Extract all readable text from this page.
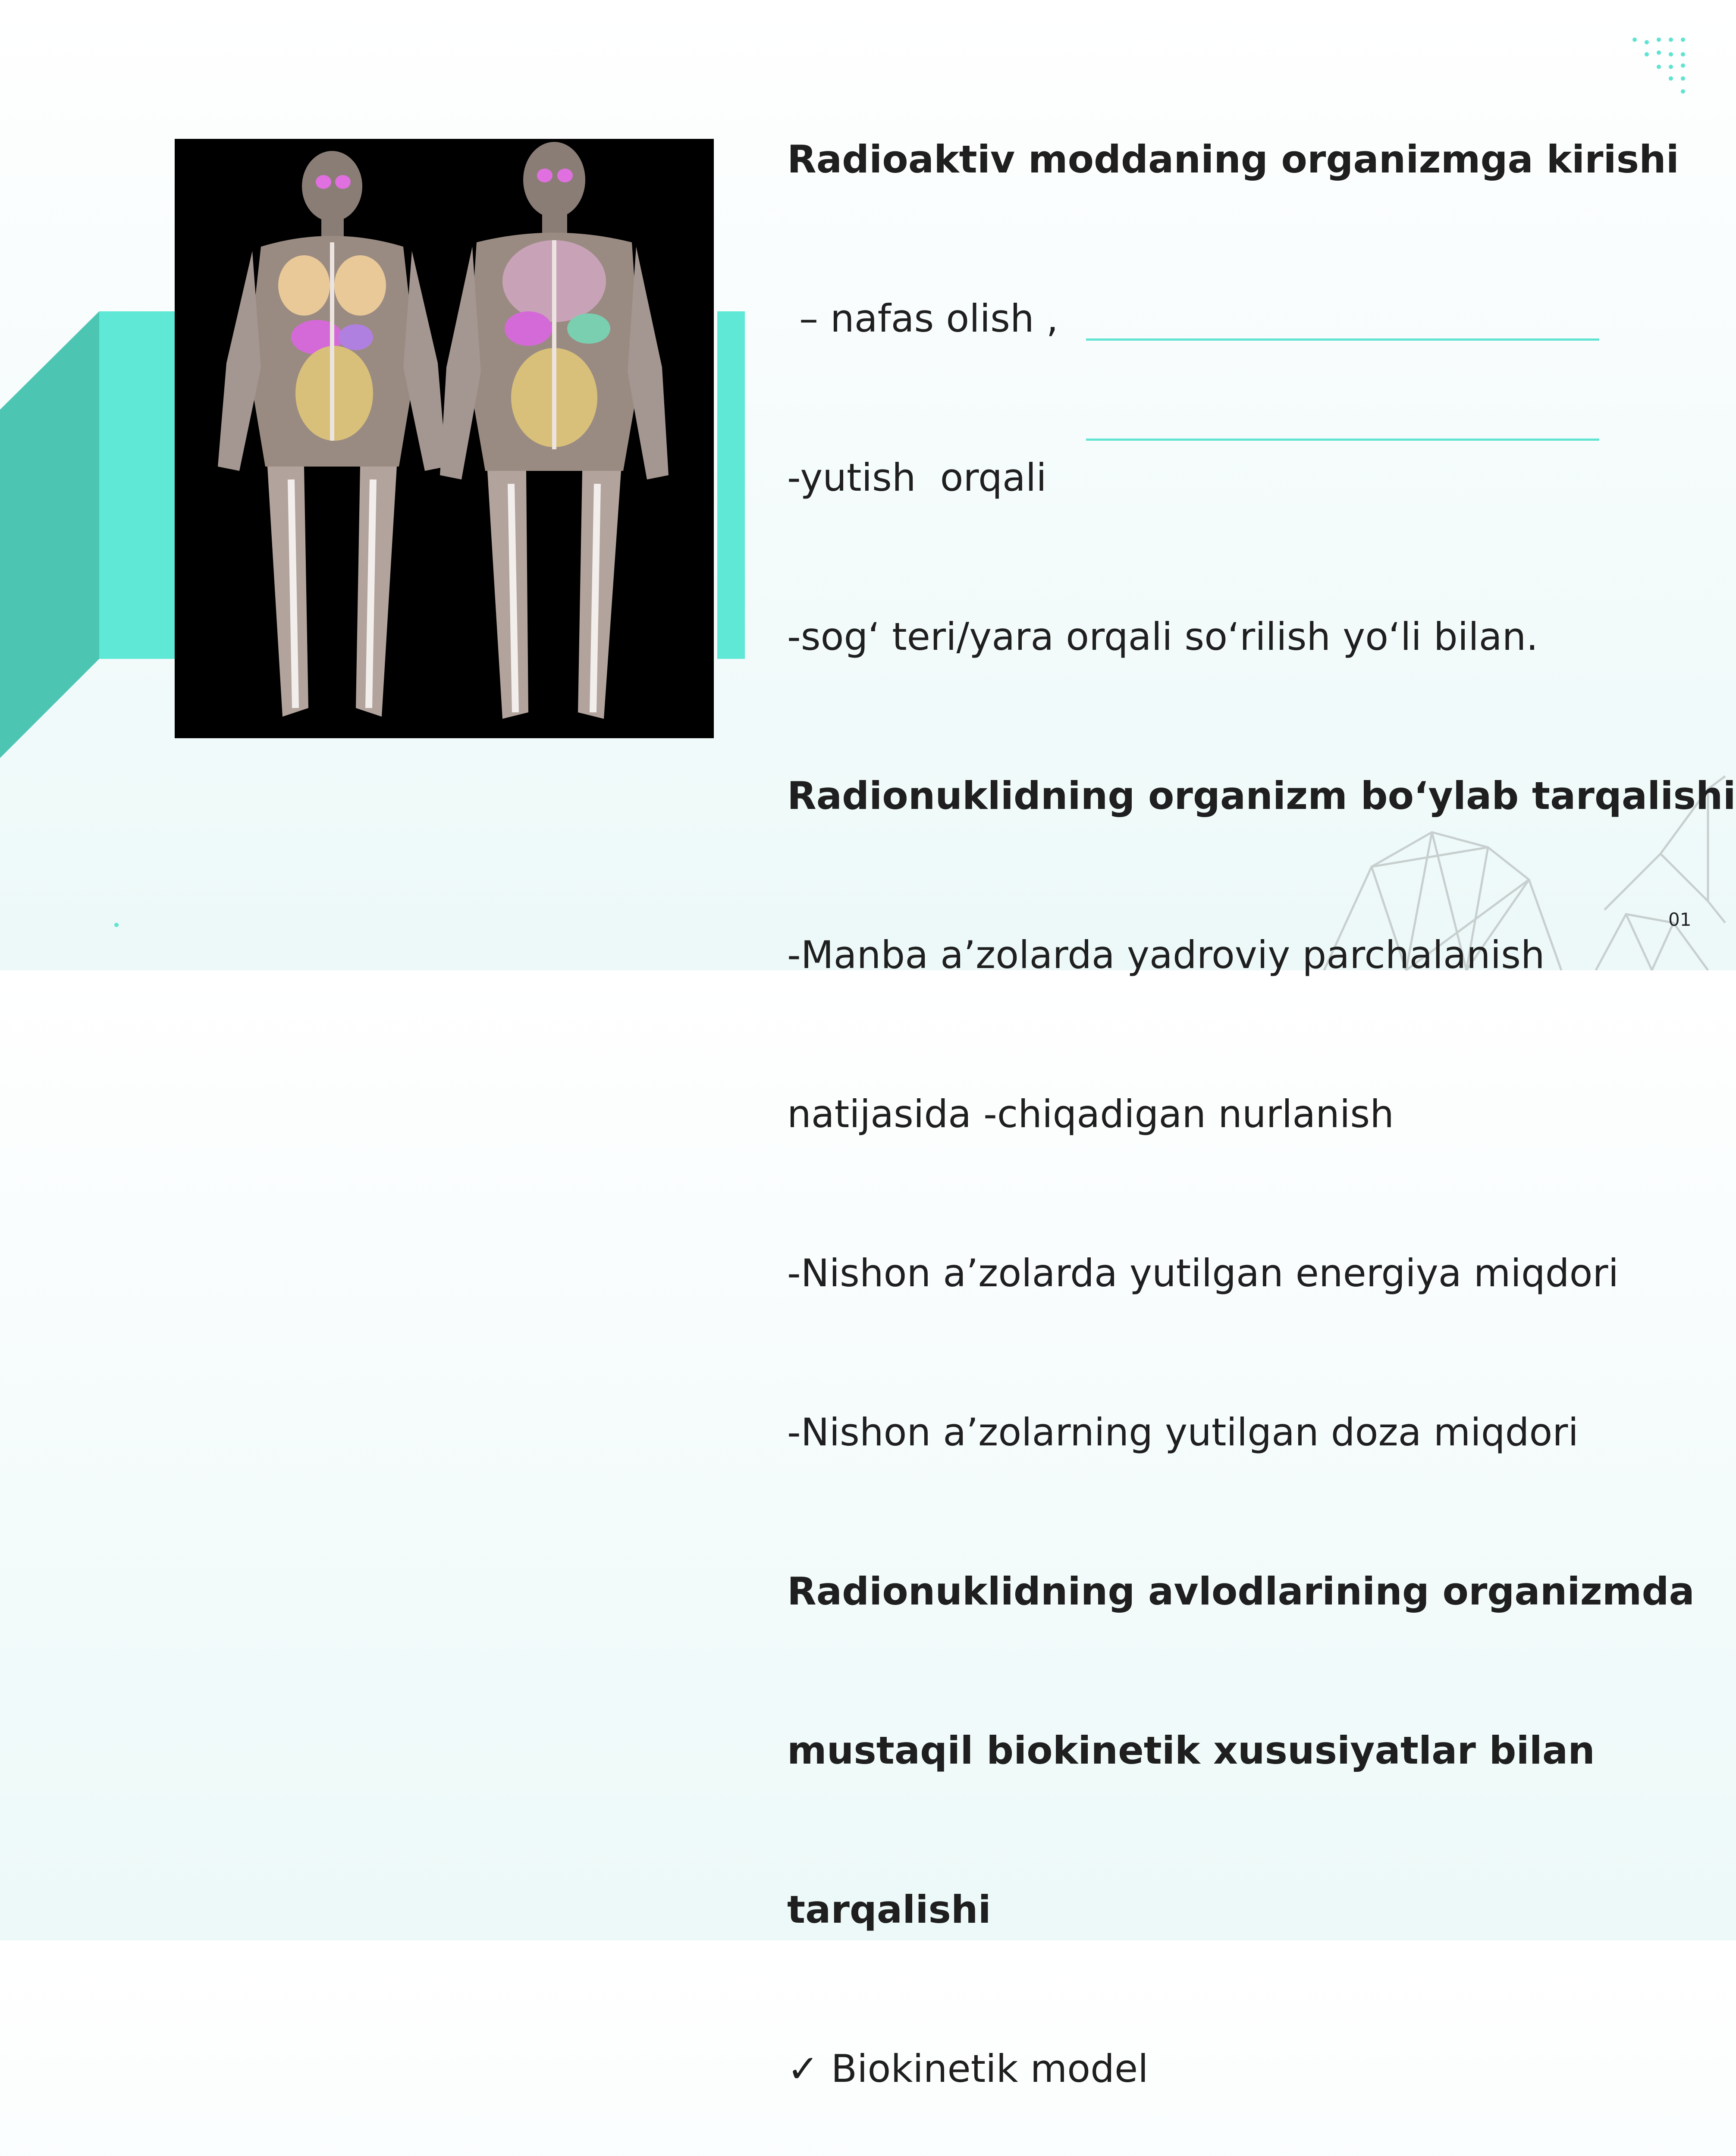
Radioaktiv moddaning organizmga kirishi

– nafas olish ,

-yutish  orqali

-sog‘ teri/yara orqali so‘rilish yo‘li bilan.

Radionuklidning organizm bo‘ylab tarqalishi

-Manba a’zolarda yadroviy parchalanish

natijasida -chiqadigan nurlanish

-Nishon a’zolarda yutilgan energiya miqdori

-Nishon a’zolarning yutilgan doza miqdori

Radionuklidning avlodlarining organizmda

mustaqil biokinetik xususiyatlar bilan

tarqalishi

✓ Biokinetik model

01
